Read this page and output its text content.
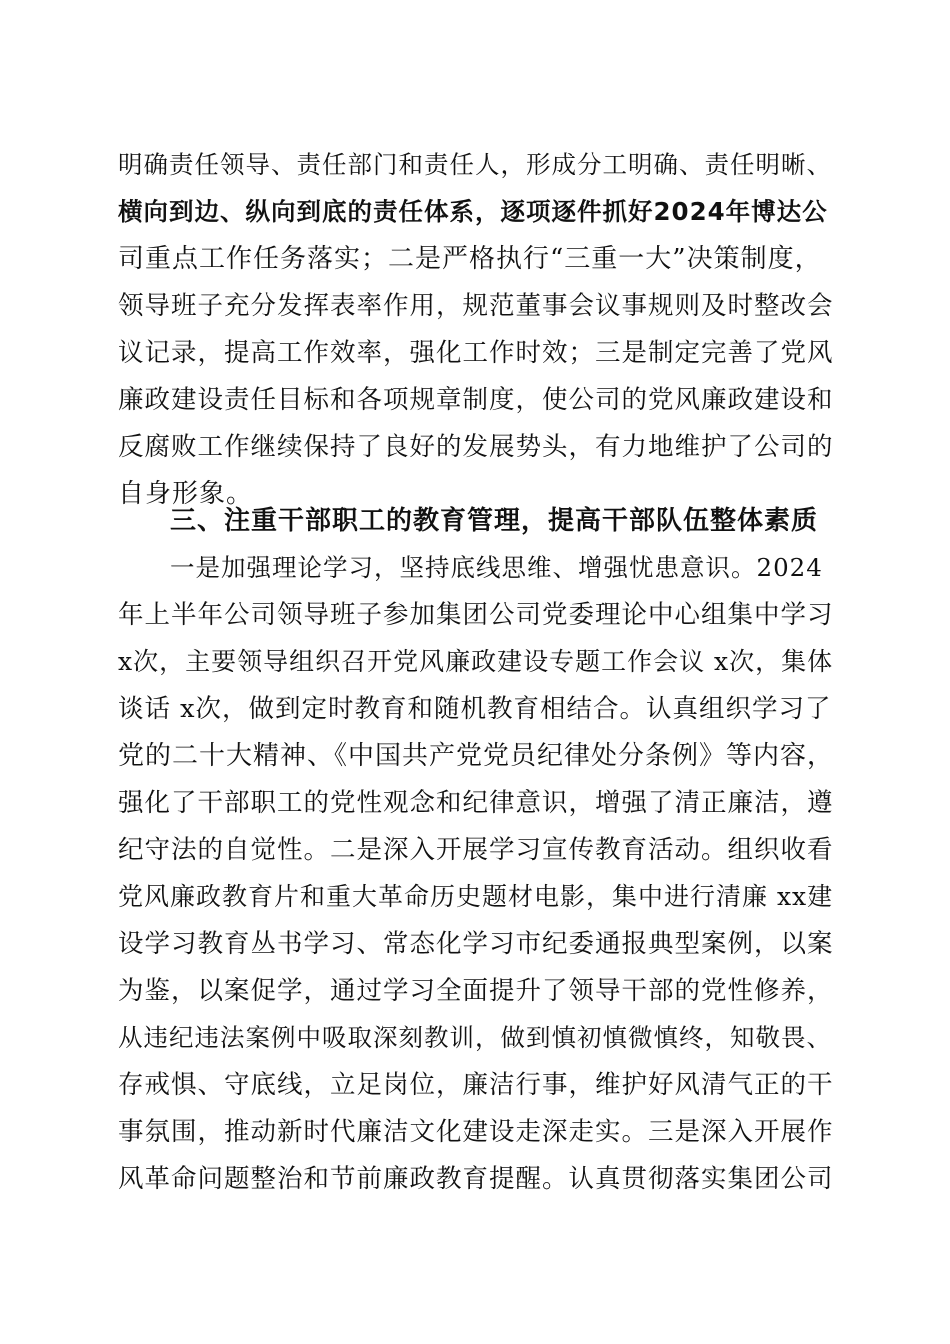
明确责任领导、责任部门和责任人，形成分工明确、责任明晰、
横向到边、纵向到底的责任体系，逐项逐件抓好2024年博达公
司重点工作任务落实；二是严格执行“三重一大”决策制度，
领导班子充分发挥表率作用，规范董事会议事规则及时整改会
议记录，提高工作效率，强化工作时效；三是制定完善了党风
廉政建设责任目标和各项规章制度，使公司的党风廉政建设和
反腐败工作继续保持了良好的发展势头，有力地维护了公司的
自身形象。
三、注重干部职工的教育管理，提高干部队伍整体素质
一是加强理论学习，坚持底线思维、增强忧患意识。2024
年上半年公司领导班子参加集团公司党委理论中心组集中学习
x次，主要领导组织召开党风廉政建设专题工作会议 x次，集体
谈话 x次，做到定时教育和随机教育相结合。认真组织学习了
党的二十大精神、《中国共产党党员纪律处分条例》等内容，
强化了干部职工的党性观念和纪律意识，增强了清正廉洁，遵
纪守法的自觉性。二是深入开展学习宣传教育活动。组织收看
党风廉政教育片和重大革命历史题材电影，集中进行清廉 xx建
设学习教育丛书学习、常态化学习市纪委通报典型案例，以案
为鉴，以案促学，通过学习全面提升了领导干部的党性修养，
从违纪违法案例中吸取深刻教训，做到慎初慎微慎终，知敬畏、
存戒惧、守底线，立足岗位，廉洁行事，维护好风清气正的干
事氛围，推动新时代廉洁文化建设走深走实。三是深入开展作
风革命问题整治和节前廉政教育提醒。认真贯彻落实集团公司
